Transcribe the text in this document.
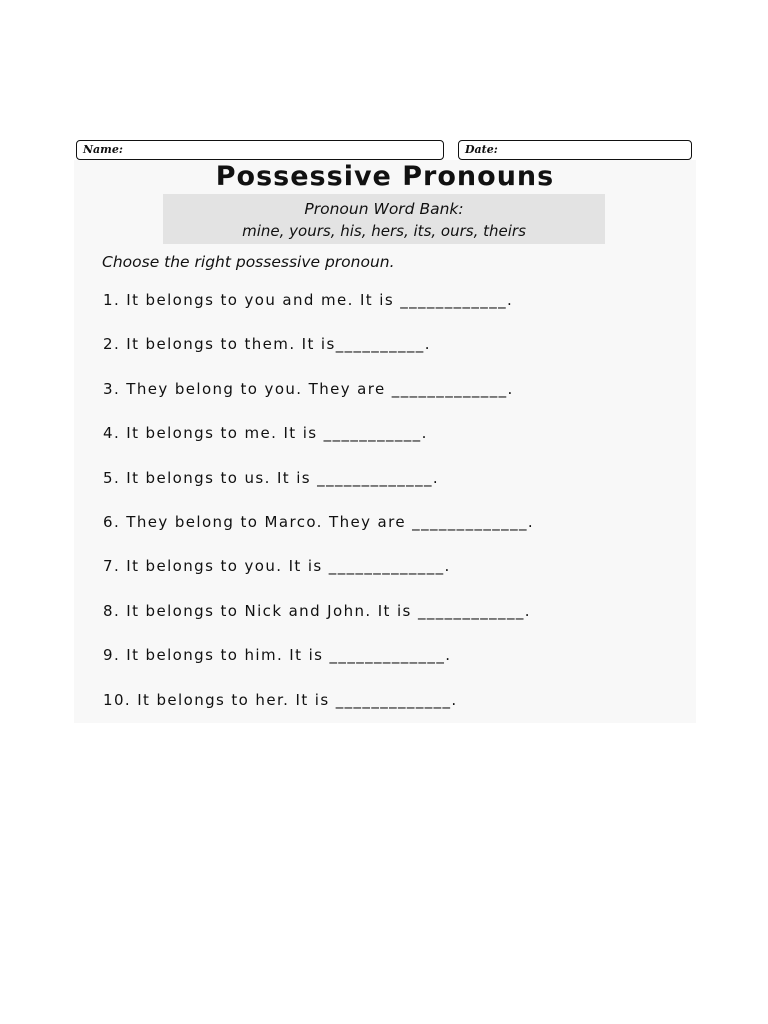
Name:	Date:
Possessive Pronouns
Pronoun Word Bank:
mine, yours, his, hers, its, ours, theirs

Choose the right possessive pronoun.

1. It belongs to you and me. It is ____________.
2. It belongs to them. It is__________.
3. They belong to you. They are _____________.
4. It belongs to me. It is ___________.
5. It belongs to us. It is _____________.
6. They belong to Marco. They are _____________.
7. It belongs to you. It is _____________.
8. It belongs to Nick and John. It is ____________.
9. It belongs to him. It is _____________.
10. It belongs to her. It is _____________.
